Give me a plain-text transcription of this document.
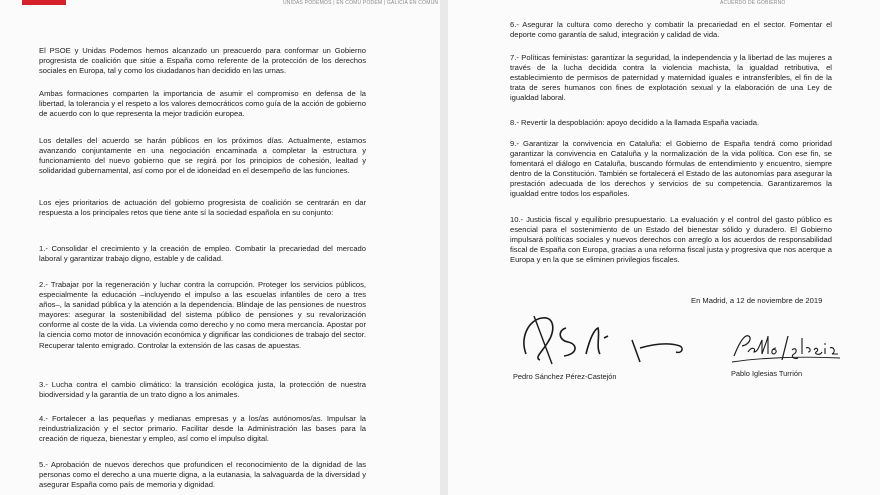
UNIDAS PODEMOS | EN COMÚ PODEM | GALICIA EN COMÚN

El PSOE y Unidas Podemos hemos alcanzado un preacuerdo para conformar un Gobierno progresista de coalición que sitúe a España como referente de la protección de los derechos sociales en Europa, tal y como los ciudadanos han decidido en las urnas.

Ambas formaciones comparten la importancia de asumir el compromiso en defensa de la libertad, la tolerancia y el respeto a los valores democráticos como guía de la acción de gobierno de acuerdo con lo que representa la mejor tradición europea.

Los detalles del acuerdo se harán públicos en los próximos días. Actualmente, estamos avanzando conjuntamente en una negociación encaminada a completar la estructura y funcionamiento del nuevo gobierno que se regirá por los principios de cohesión, lealtad y solidaridad gubernamental, así como por el de idoneidad en el desempeño de las funciones.

Los ejes prioritarios de actuación del gobierno progresista de coalición se centrarán en dar respuesta a los principales retos que tiene ante sí la sociedad española en su conjunto:

1.- Consolidar el crecimiento y la creación de empleo. Combatir la precariedad del mercado laboral y garantizar trabajo digno, estable y de calidad.

2.- Trabajar por la regeneración y luchar contra la corrupción. Proteger los servicios públicos, especialmente la educación –incluyendo el impulso a las escuelas infantiles de cero a tres años–, la sanidad pública y la atención a la dependencia. Blindaje de las pensiones de nuestros mayores: asegurar la sostenibilidad del sistema público de pensiones y su revalorización conforme al coste de la vida. La vivienda como derecho y no como mera mercancía. Apostar por la ciencia como motor de innovación económica y dignificar las condiciones de trabajo del sector. Recuperar talento emigrado. Controlar la extensión de las casas de apuestas.

3.- Lucha contra el cambio climático: la transición ecológica justa, la protección de nuestra biodiversidad y la garantía de un trato digno a los animales.

4.- Fortalecer a las pequeñas y medianas empresas y a los/as autónomos/as. Impulsar la reindustrialización y el sector primario. Facilitar desde la Administración las bases para la creación de riqueza, bienestar y empleo, así como el impulso digital.

5.- Aprobación de nuevos derechos que profundicen el reconocimiento de la dignidad de las personas como el derecho a una muerte digna, a la eutanasia, la salvaguarda de la diversidad y asegurar España como país de memoria y dignidad.

ACUERDO DE GOBIERNO

6.- Asegurar la cultura como derecho y combatir la precariedad en el sector. Fomentar el deporte como garantía de salud, integración y calidad de vida.

7.- Políticas feministas: garantizar la seguridad, la independencia y la libertad de las mujeres a través de la lucha decidida contra la violencia machista, la igualdad retributiva, el establecimiento de permisos de paternidad y maternidad iguales e intransferibles, el fin de la trata de seres humanos con fines de explotación sexual y la elaboración de una Ley de igualdad laboral.

8.- Revertir la despoblación: apoyo decidido a la llamada España vaciada.

9.- Garantizar la convivencia en Cataluña: el Gobierno de España tendrá como prioridad garantizar la convivencia en Cataluña y la normalización de la vida política. Con ese fin, se fomentará el diálogo en Cataluña, buscando fórmulas de entendimiento y encuentro, siempre dentro de la Constitución. También se fortalecerá el Estado de las autonomías para asegurar la prestación adecuada de los derechos y servicios de su competencia. Garantizaremos la igualdad entre todos los españoles.

10.- Justicia fiscal y equilibrio presupuestario. La evaluación y el control del gasto público es esencial para el sostenimiento de un Estado del bienestar sólido y duradero. El Gobierno impulsará políticas sociales y nuevos derechos con arreglo a los acuerdos de responsabilidad fiscal de España con Europa, gracias a una reforma fiscal justa y progresiva que nos acerque a Europa y en la que se eliminen privilegios fiscales.

En Madrid, a 12 de noviembre de 2019

Pedro Sánchez Pérez-Castejón	Pablo Iglesias Turrión
